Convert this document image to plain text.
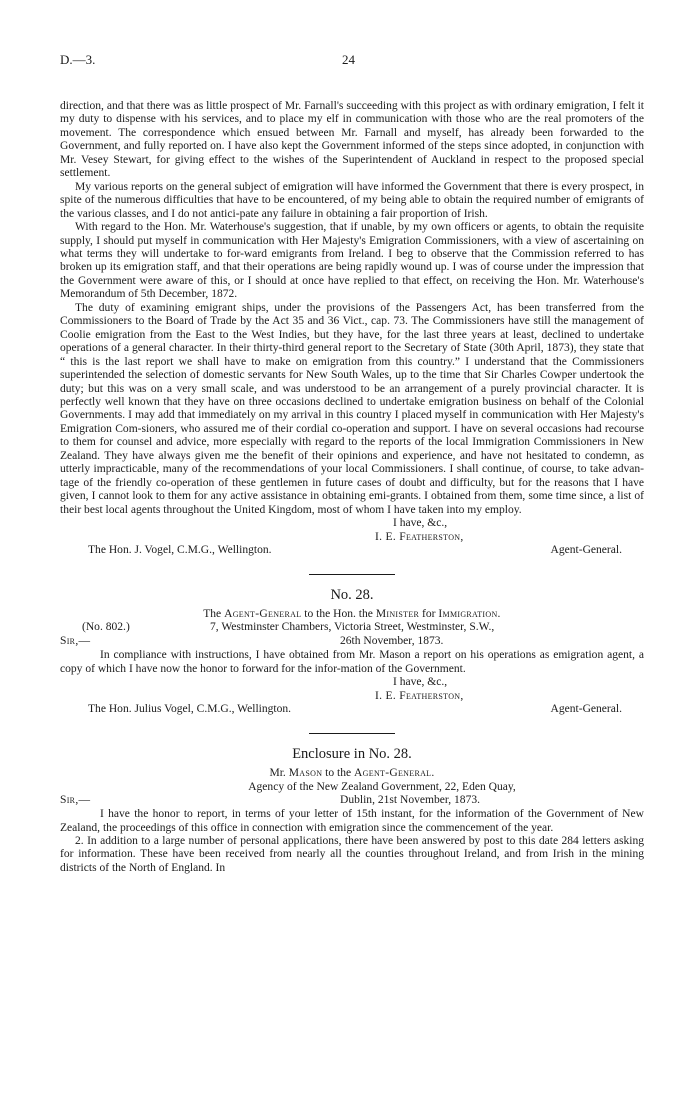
D.—3.	24

direction, and that there was as little prospect of Mr. Farnall's succeeding with this project as with ordinary emigration, I felt it my duty to dispense with his services, and to place my elf in communication with those who are the real promoters of the movement. The correspondence which ensued between Mr. Farnall and myself, has already been forwarded to the Government, and fully reported on. I have also kept the Government informed of the steps since adopted, in conjunction with Mr. Vesey Stewart, for giving effect to the wishes of the Superintendent of Auckland in respect to the proposed special settlement.

My various reports on the general subject of emigration will have informed the Government that there is every prospect, in spite of the numerous difficulties that have to be encountered, of my being able to obtain the required number of emigrants of the various classes, and I do not antici-pate any failure in obtaining a fair proportion of Irish.

With regard to the Hon. Mr. Waterhouse's suggestion, that if unable, by my own officers or agents, to obtain the requisite supply, I should put myself in communication with Her Majesty's Emigration Commissioners, with a view of ascertaining on what terms they will undertake to for-ward emigrants from Ireland. I beg to observe that the Commission referred to has broken up its emigration staff, and that their operations are being rapidly wound up. I was of course under the impression that the Government were aware of this, or I should at once have replied to that effect, on receiving the Hon. Mr. Waterhouse's Memorandum of 5th December, 1872.

The duty of examining emigrant ships, under the provisions of the Passengers Act, has been transferred from the Commissioners to the Board of Trade by the Act 35 and 36 Vict., cap. 73. The Commissioners have still the management of Coolie emigration from the East to the West Indies, but they have, for the last three years at least, declined to undertake operations of a general character. In their thirty-third general report to the Secretary of State (30th April, 1873), they state that “ this is the last report we shall have to make on emigration from this country.” I understand that the Commissioners superintended the selection of domestic servants for New South Wales, up to the time that Sir Charles Cowper undertook the duty; but this was on a very small scale, and was understood to be an arrangement of a purely provincial character. It is perfectly well known that they have on three occasions declined to undertake emigration business on behalf of the Colonial Governments. I may add that immediately on my arrival in this country I placed myself in communication with Her Majesty's Emigration Com-sioners, who assured me of their cordial co-operation and support. I have on several occasions had recourse to them for counsel and advice, more especially with regard to the reports of the local Immigration Commissioners in New Zealand. They have always given me the benefit of their opinions and experience, and have not hesitated to condemn, as utterly impracticable, many of the recommendations of your local Commissioners. I shall continue, of course, to take advan-tage of the friendly co-operation of these gentlemen in future cases of doubt and difficulty, but for the reasons that I have given, I cannot look to them for any active assistance in obtaining emi-grants. I obtained from them, some time since, a list of their best local agents throughout the United Kingdom, most of whom I have taken into my employ.

I have, &c.,
I. E. Featherston,
The Hon. J. Vogel, C.M.G., Wellington.	Agent-General.
No. 28.
The Agent-General to the Hon. the Minister for Immigration.
(No. 802.)	7, Westminster Chambers, Victoria Street, Westminster, S.W.,
Sir,—	26th November, 1873.

In compliance with instructions, I have obtained from Mr. Mason a report on his operations as emigration agent, a copy of which I have now the honor to forward for the infor-mation of the Government.

I have, &c.,
I. E. Featherston,
The Hon. Julius Vogel, C.M.G., Wellington.	Agent-General.
Enclosure in No. 28.
Mr. Mason to the Agent-General.
Agency of the New Zealand Government, 22, Eden Quay,
Sir,—	Dublin, 21st November, 1873.

I have the honor to report, in terms of your letter of 15th instant, for the information of the Government of New Zealand, the proceedings of this office in connection with emigration since the commencement of the year.

2. In addition to a large number of personal applications, there have been answered by post to this date 284 letters asking for information. These have been received from nearly all the counties throughout Ireland, and from Irish in the mining districts of the North of England. In
